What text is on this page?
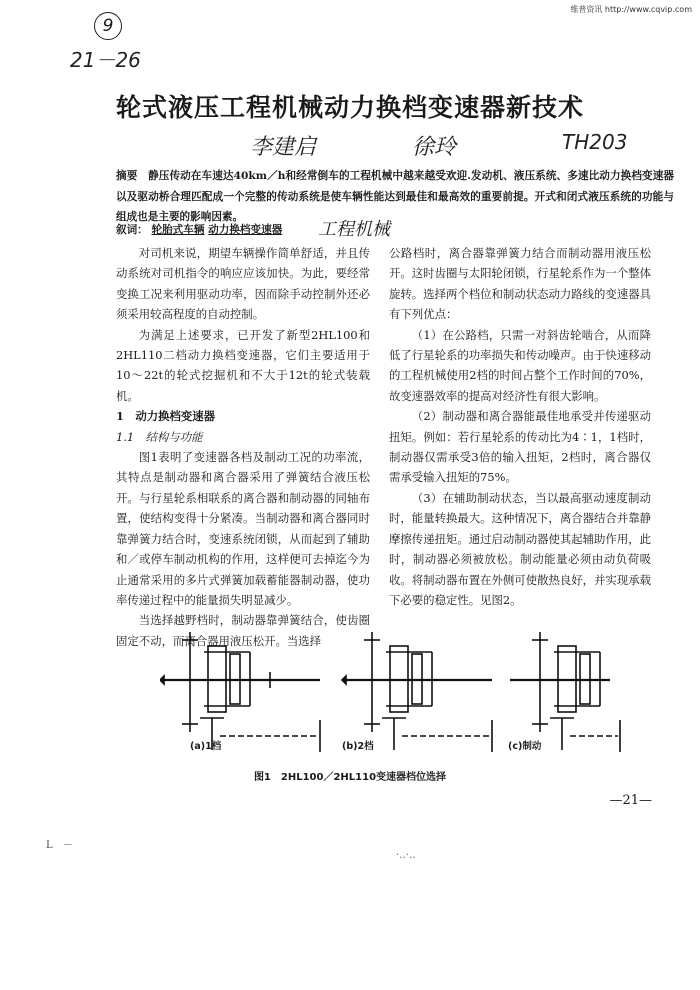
维普资讯 http://www.cqvip.com
9
21－26
轮式液压工程机械动力换档变速器新技术
李建启	徐玲	TH203
摘要　 静压传动在车速达40km／h和经常倒车的工程机械中越来越受欢迎.发动机、液压系统、多速比动力换档变速器以及驱动桥合理匹配成一个完整的传动系统是使车辆性能达到最佳和最高效的重要前提。开式和闭式液压系统的功能与组成也是主要的影响因素。
叙词： 轮胎式车辆 动力换档变速器 工程机械

对司机来说，期望车辆操作简单舒适，并且传动系统对司机指令的响应应该加快。为此，要经常变换工况来利用驱动功率，因而除手动控制外还必须采用较高程度的自动控制。

为满足上述要求，已开发了新型2HL100和2HL110二档动力换档变速器，它们主要适用于10～22t的轮式挖掘机和不大于12t的轮式装载机。

1　动力换档变速器

1.1　结构与功能

图1表明了变速器各档及制动工况的功率流，其特点是制动器和离合器采用了弹簧结合液压松开。与行星轮系相联系的离合器和制动器的同轴布置，使结构变得十分紧凑。当制动器和离合器同时靠弹簧力结合时，变速系统闭锁，从而起到了辅助和／或停车制动机构的作用，这样便可去掉迄今为止通常采用的多片式弹簧加载蓄能器制动器，使功率传递过程中的能量损失明显减少。

当选择越野档时，制动器靠弹簧结合，使齿圈固定不动，而离合器用液压松开。当选择

公路档时，离合器靠弹簧力结合而制动器用液压松开。这时齿圈与太阳轮闭锁，行星轮系作为一个整体旋转。选择两个档位和制动状态动力路线的变速器具有下列优点：

（1）在公路档，只需一对斜齿轮啮合，从而降低了行星轮系的功率损失和传动噪声。由于快速移动的工程机械使用2档的时间占整个工作时间的70%，故变速器效率的提高对经济性有很大影响。

（2）制动器和离合器能最佳地承受并传递驱动扭矩。例如：若行星轮系的传动比为4∶1，1档时，制动器仅需承受3倍的输入扭矩，2档时，离合器仅需承受输入扭矩的75%。

（3）在辅助制动状态，当以最高驱动速度制动时，能量转换最大。这种情况下，离合器结合并靠静摩擦传递扭矩。通过启动制动器使其起辅助作用，此时，制动器必须被放松。制动能量必须由动负荷吸收。将制动器布置在外侧可使散热良好，并实现承载下必要的稳定性。见图2。

(a)1档	(b)2档	(c)制动
图1　2HL100／2HL110变速器档位选择
—21—
L　－
·‥·‥
